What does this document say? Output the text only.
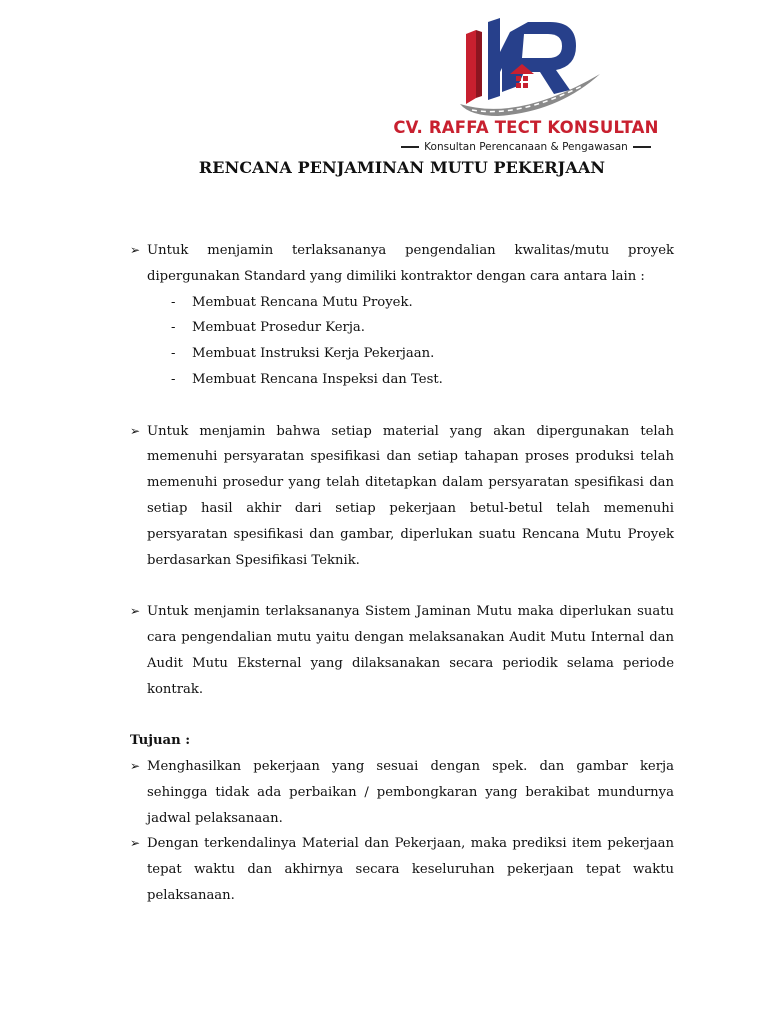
CV. RAFFA TECT KONSULTAN
Konsultan Perencanaan & Pengawasan
RENCANA PENJAMINAN MUTU PEKERJAAN
➢ Untuk menjamin terlaksananya pengendalian kwalitas/mutu proyek dipergunakan Standard yang dimiliki kontraktor dengan cara antara lain :
- Membuat Rencana Mutu Proyek.
- Membuat Prosedur Kerja.
- Membuat Instruksi Kerja Pekerjaan.
- Membuat Rencana Inspeksi dan Test.
➢ Untuk menjamin bahwa setiap material yang akan dipergunakan telah memenuhi persyaratan spesifikasi dan setiap tahapan proses produksi telah memenuhi prosedur yang telah ditetapkan dalam persyaratan spesifikasi dan setiap hasil akhir dari setiap pekerjaan betul-betul telah memenuhi persyaratan spesifikasi dan gambar, diperlukan suatu Rencana Mutu Proyek berdasarkan Spesifikasi Teknik.
➢ Untuk menjamin terlaksananya Sistem Jaminan Mutu maka diperlukan suatu cara pengendalian mutu yaitu dengan melaksanakan Audit Mutu Internal dan Audit Mutu Eksternal yang dilaksanakan secara periodik selama periode kontrak.
Tujuan :
➢ Menghasilkan pekerjaan yang sesuai dengan spek. dan gambar kerja sehingga tidak ada perbaikan / pembongkaran yang berakibat mundurnya jadwal pelaksanaan.
➢ Dengan terkendalinya Material dan Pekerjaan, maka prediksi item pekerjaan tepat waktu dan akhirnya secara keseluruhan pekerjaan tepat waktu pelaksanaan.
